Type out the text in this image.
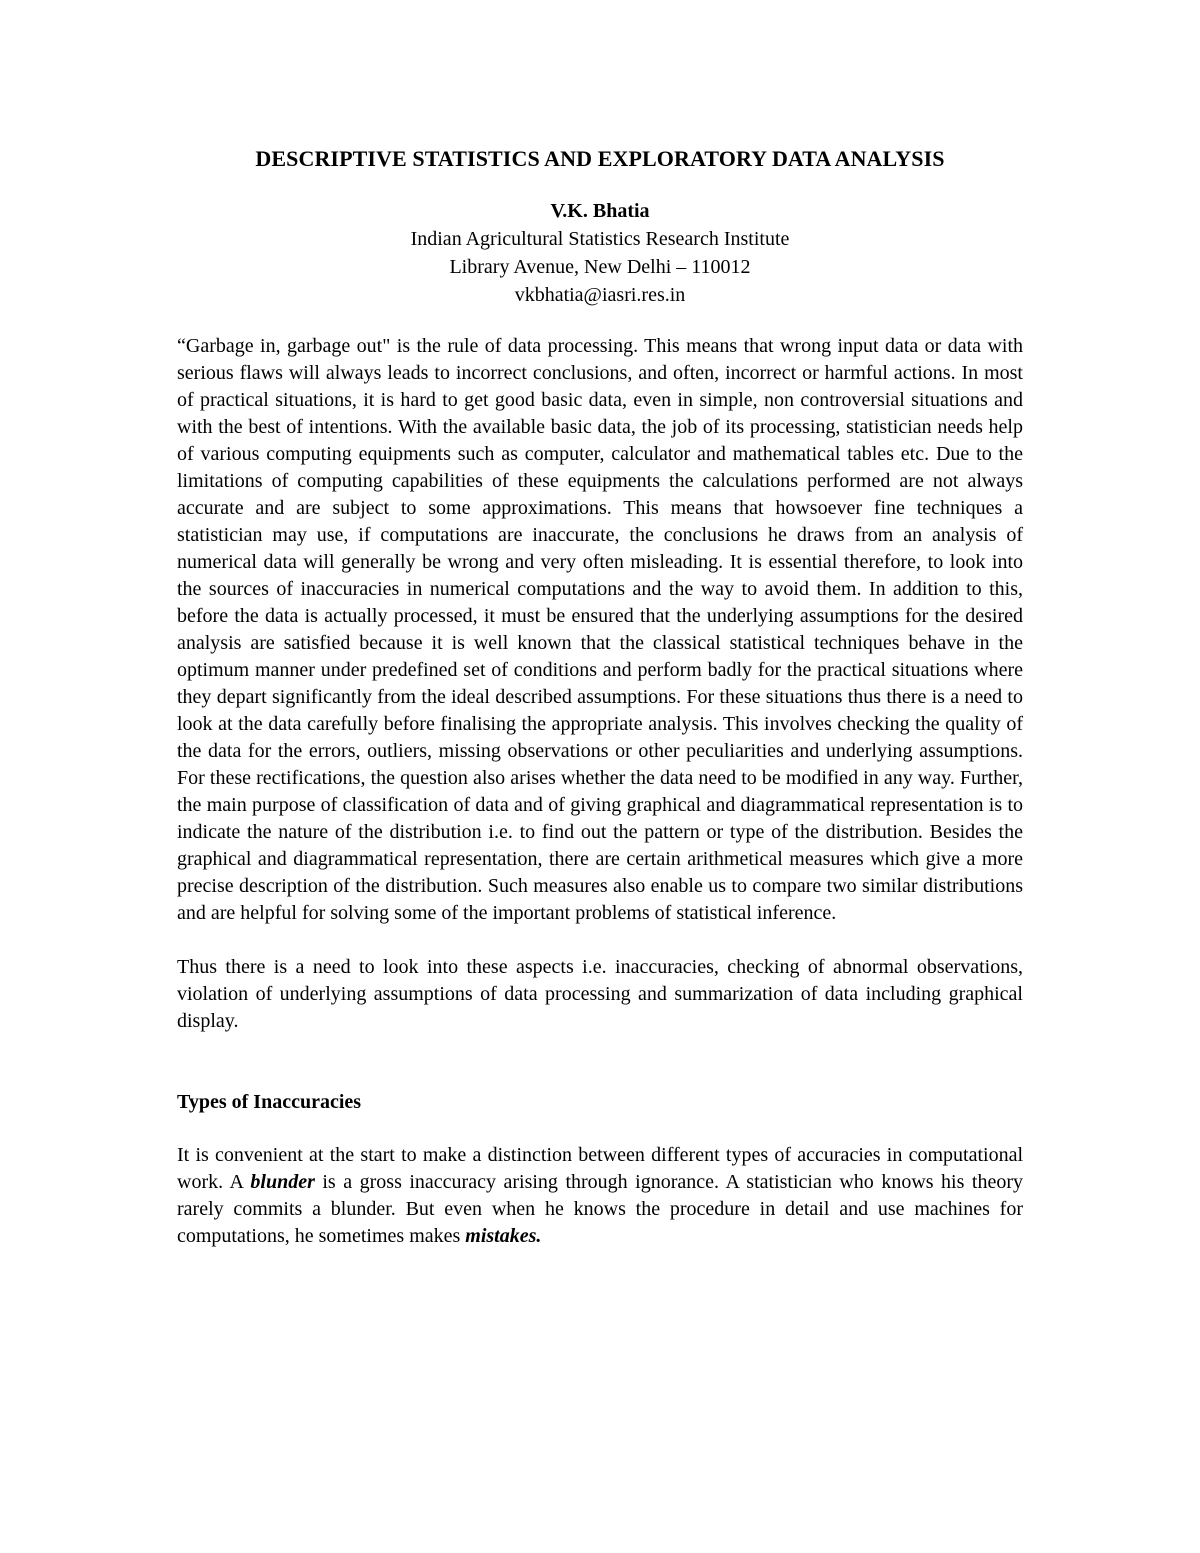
DESCRIPTIVE STATISTICS AND EXPLORATORY DATA ANALYSIS
V.K. Bhatia
Indian Agricultural Statistics Research Institute
Library Avenue, New Delhi – 110012
vkbhatia@iasri.res.in

“Garbage in, garbage out" is the rule of data processing. This means that wrong input data or data with serious flaws will always leads to incorrect conclusions, and often, incorrect or harmful actions. In most of practical situations, it is hard to get good basic data, even in simple, non controversial situations and with the best of intentions. With the available basic data, the job of its processing, statistician needs help of various computing equipments such as computer, calculator and mathematical tables etc. Due to the limitations of computing capabilities of these equipments the calculations performed are not always accurate and are subject to some approximations. This means that howsoever fine techniques a statistician may use, if computations are inaccurate, the conclusions he draws from an analysis of numerical data will generally be wrong and very often misleading. It is essential therefore, to look into the sources of inaccuracies in numerical computations and the way to avoid them. In addition to this, before the data is actually processed, it must be ensured that the underlying assumptions for the desired analysis are satisfied because it is well known that the classical statistical techniques behave in the optimum manner under predefined set of conditions and perform badly for the practical situations where they depart significantly from the ideal described assumptions. For these situations thus there is a need to look at the data carefully before finalising the appropriate analysis. This involves checking the quality of the data for the errors, outliers, missing observations or other peculiarities and underlying assumptions. For these rectifications, the question also arises whether the data need to be modified in any way. Further, the main purpose of classification of data and of giving graphical and diagrammatical representation is to indicate the nature of the distribution i.e. to find out the pattern or type of the distribution. Besides the graphical and diagrammatical representation, there are certain arithmetical measures which give a more precise description of the distribution. Such measures also enable us to compare two similar distributions and are helpful for solving some of the important problems of statistical inference.

Thus there is a need to look into these aspects i.e. inaccuracies, checking of abnormal observations, violation of underlying assumptions of data processing and summarization of data including graphical display.

Types of Inaccuracies

It is convenient at the start to make a distinction between different types of accuracies in computational work. A blunder is a gross inaccuracy arising through ignorance. A statistician who knows his theory rarely commits a blunder. But even when he knows the procedure in detail and use machines for computations, he sometimes makes mistakes.
